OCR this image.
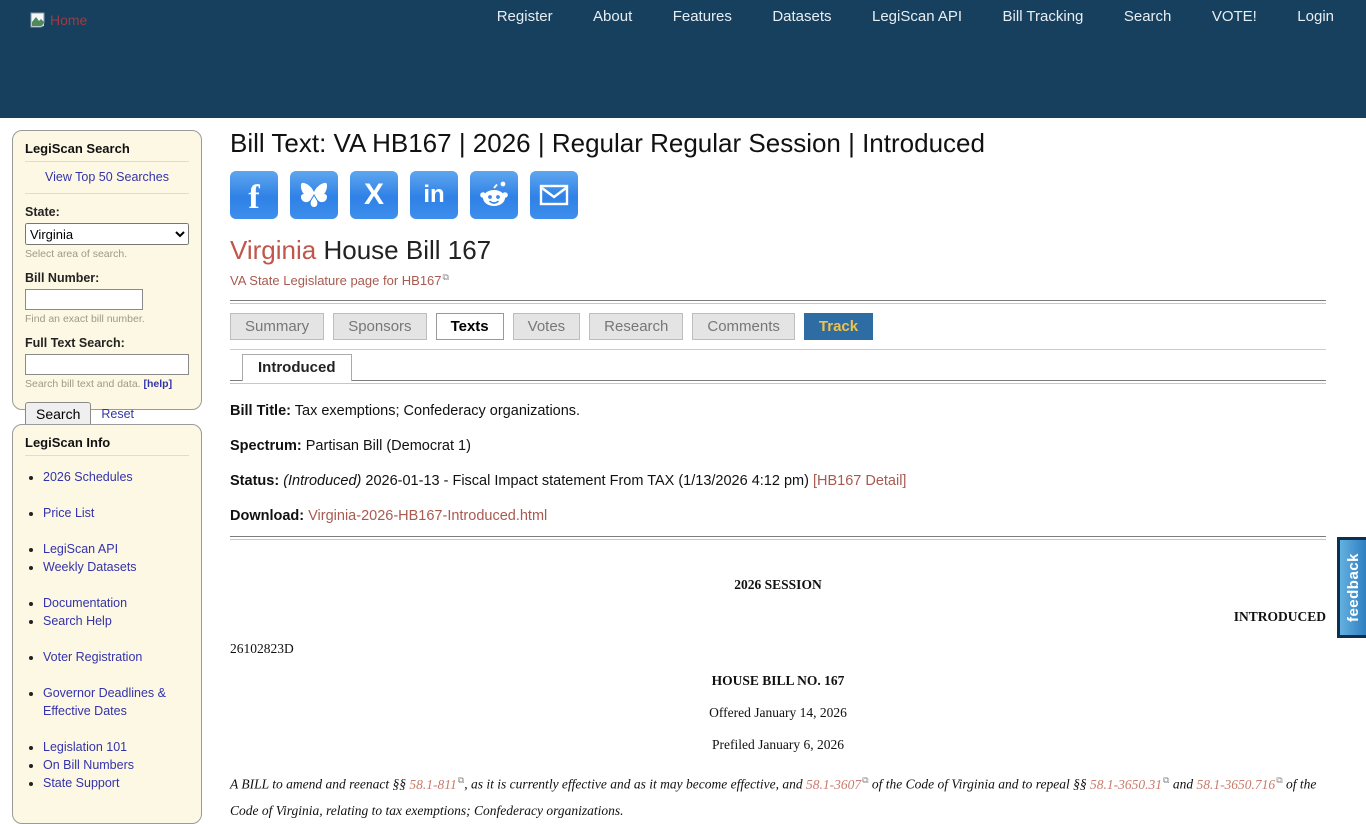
Home	Register	About	Features	Datasets	LegiScan API	Bill Tracking	Search	VOTE!	Login
LegiScan Search
View Top 50 Searches
State:
Virginia
Select area of search.
Bill Number:
Find an exact bill number.
Full Text Search:
Search bill text and data. [help]
Search	Reset
LegiScan Info
• 2026 Schedules
• Price List
• LegiScan API
• Weekly Datasets
• Documentation
• Search Help
• Voter Registration
• Governor Deadlines & Effective Dates
• Legislation 101
• On Bill Numbers
• State Support
Bill Text: VA HB167 | 2026 | Regular Regular Session | Introduced
f	X in
Virginia House Bill 167
VA State Legislature page for HB167⧉
Summary	Sponsors	Texts	Votes	Research	Comments	Track
Introduced
Bill Title: Tax exemptions; Confederacy organizations.
Spectrum: Partisan Bill (Democrat 1)
Status: (Introduced) 2026-01-13 - Fiscal Impact statement From TAX (1/13/2026 4:12 pm) [HB167 Detail]
Download: Virginia-2026-HB167-Introduced.html
2026 SESSION
INTRODUCED
26102823D
HOUSE BILL NO. 167
Offered January 14, 2026
Prefiled January 6, 2026
A BILL to amend and reenact §§ 58.1-811⧉, as it is currently effective and as it may become effective, and 58.1-3607⧉ of the Code of Virginia and to repeal §§ 58.1-3650.31⧉ and 58.1-3650.716⧉ of the Code of Virginia, relating to tax exemptions; Confederacy organizations.
feedback
